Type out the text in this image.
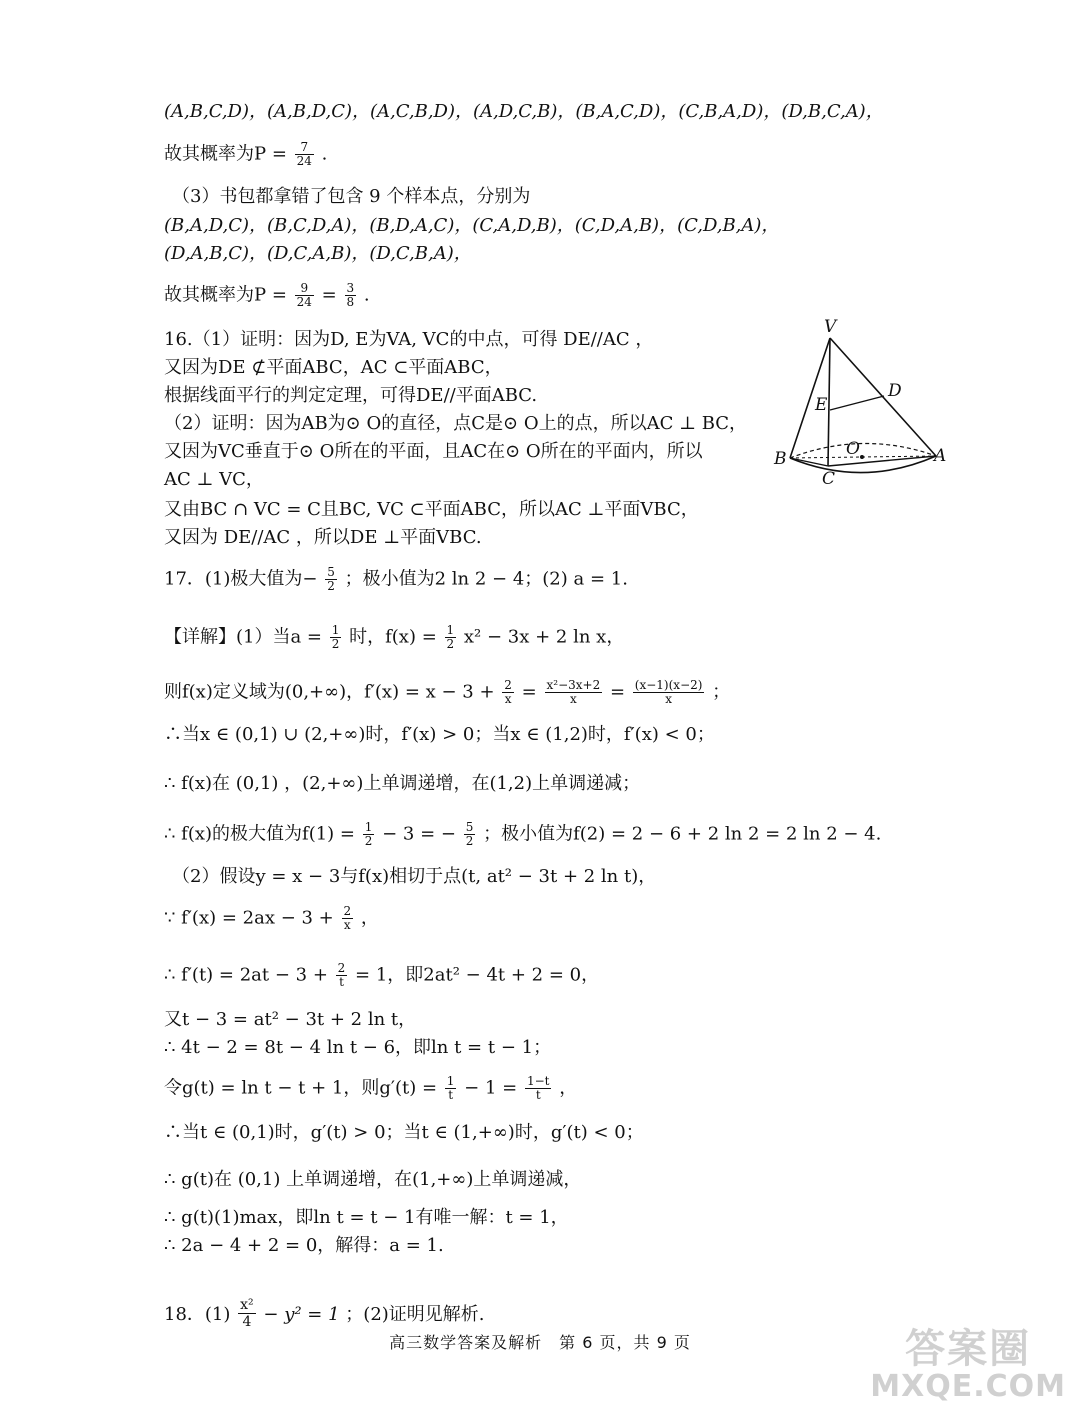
(A,B,C,D)，(A,B,D,C)，(A,C,B,D)，(A,D,C,B)，(B,A,C,D)，(C,B,A,D)，(D,B,C,A)，
故其概率为$P = \frac{7}{24}$ .
（3）书包都拿错了包含 9 个样本点，分别为
(B,A,D,C)，(B,C,D,A)，(B,D,A,C)，(C,A,D,B)，(C,D,A,B)，(C,D,B,A)，
(D,A,B,C)，(D,C,A,B)，(D,C,B,A)，
故其概率为$P = \frac{9}{24} = \frac{3}{8}$ .
16.（1）证明：因为D, E为VA, VC的中点，可得 DE//AC ，
又因为DE ⊄平面ABC，AC ⊂平面ABC，
根据线面平行的判定定理，可得DE//平面ABC.
（2）证明：因为AB为⊙ O的直径，点C是⊙ O上的点，所以AC ⊥ BC，
又因为VC垂直于⊙ O所在的平面，且AC在⊙ O所在的平面内，所以
AC ⊥ VC，
又由BC ∩ VC = C且BC, VC ⊂平面ABC，所以AC ⊥平面VBC，
又因为 DE//AC ，所以DE ⊥平面VBC.
17．(1)极大值为− $\frac{5}{2}$ ；极小值为2 ln 2 − 4；(2) a = 1.
【详解】(1）当$a = \frac{1}{2}$ 时，$f(x) = \frac{1}{2} x^2 - 3x + 2$ ln x，
则f(x)定义域为(0,+∞)，$f'(x) = x - 3 + \frac{2}{x} = \frac{\text{x²−3x+2}}{x} = \frac{(x-1)(x-2)}{x}$ ；
∴当x ∈ (0,1) ∪ (2,+∞)时，f′(x) > 0；当x ∈ (1,2)时，f′(x) < 0；
∴ f(x)在 (0,1) ，(2,+∞)上单调递增，在(1,2)上单调递减；
∴ f(x)的极大值为$f(1) = \frac{1}{2} - 3$ = − $\frac{5}{2}$ ；极小值为f(2) = 2 − 6 + 2 ln 2 = 2 ln 2 − 4.
（2）假设y = x − 3与f(x)相切于点(t, at² − 3t + 2 ln t)，
∵ $f'(x) = 2ax - 3 + \frac{2}{x}$ ，
∴ $f'(t) = 2at - 3 + \frac{2}{t} = 1$，即2at² − 4t + 2 = 0，
又t − 3 = at² − 3t + 2 ln t，
∴ 4t − 2 = 8t − 4 ln t − 6，即ln t = t − 1；
令g(t) = ln t − t + 1，则$g'(t) = \frac{1}{t} - 1 = \frac{1-t}{t}$ ，
∴当t ∈ (0,1)时，g′(t) > 0；当t ∈ (1,+∞)时，g′(t) < 0；
∴ g(t)在 (0,1) 上单调递增，在(1,+∞)上单调递减，
∴ g(t)(1)max，即ln t = t − 1有唯一解：t = 1，
∴ 2a − 4 + 2 = 0，解得：a = 1.
18．$(1) \frac{\text{x²}}{4} - y^2 = 1$ ；(2)证明见解析.
V
D
E
O
B	A
C
高三数学答案及解析　第 6 页，共 9 页	答案圈
MXQE.COM
